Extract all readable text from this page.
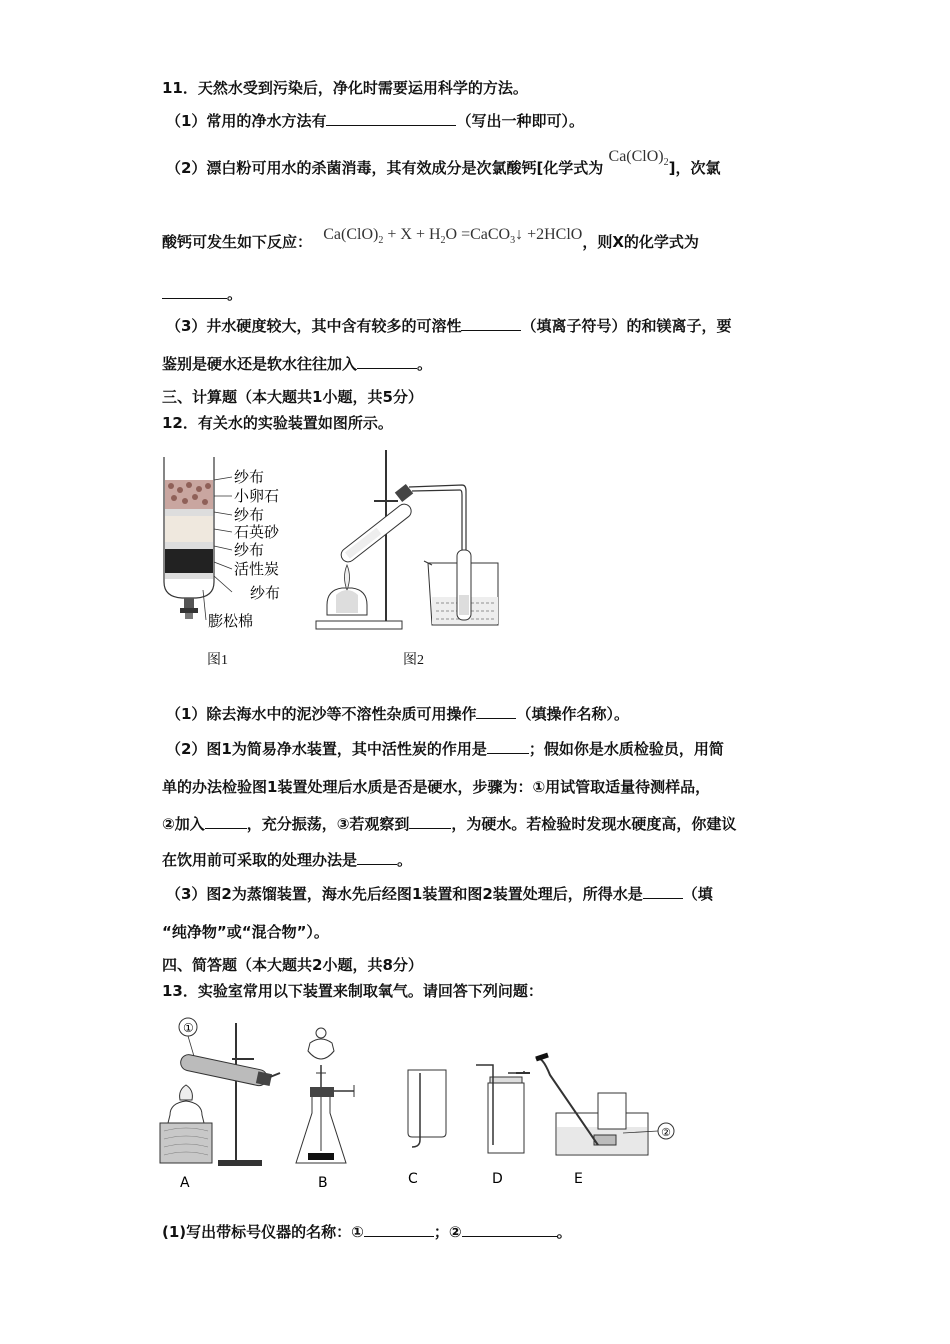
11．天然水受到污染后，净化时需要运用科学的方法。
（1）常用的净水方法有	（写出一种即可）。
（2）漂白粉可用水的杀菌消毒，其有效成分是次氯酸钙[化学式为 $Ca(ClO)_2$]，次氯
酸钙可发生如下反应： $Ca(ClO)_2 + X + H_2O$ =CaCO$_3$↓ +2HClO，则X的化学式为
。
（3）井水硬度较大，其中含有较多的可溶性	（填离子符号）的和镁离子，要
鉴别是硬水还是软水往往加入	。
三、计算题（本大题共1小题，共5分）
12．有关水的实验装置如图所示。
纱布
小卵石
纱布
石英砂
纱布
活性炭
纱布
膨松棉
图1	图2
（1）除去海水中的泥沙等不溶性杂质可用操作	（填操作名称）。
（2）图1为简易净水装置，其中活性炭的作用是	；假如你是水质检验员，用简
单的办法检验图1装置处理后水质是否是硬水，步骤为：①用试管取适量待测样品，
②加入	，充分振荡，③若观察到	，为硬水。若检验时发现水硬度高，你建议
在饮用前可采取的处理办法是	。
（3）图2为蒸馏装置，海水先后经图1装置和图2装置处理后，所得水是	（填
“纯净物”或“混合物”）。
四、简答题（本大题共2小题，共8分）
13．实验室常用以下装置来制取氧气。请回答下列问题：
①
A	B	C	D
②
E
(1)写出带标号仪器的名称：①	；②	。
